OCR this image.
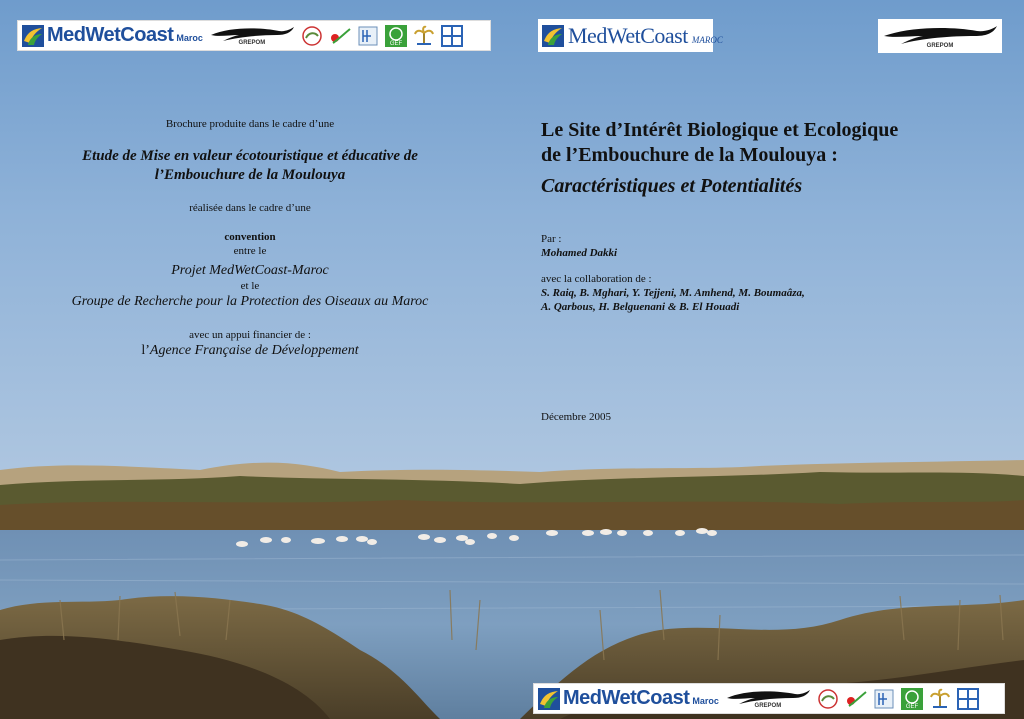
MedWetCoast Maroc	GREPOM	GEF	MedWetCoast MAROC
GREPOM

Brochure produite dans le cadre d’une

Etude de Mise en valeur écotouristique et éducative de

l’Embouchure de la Moulouya

réalisée dans le cadre d’une

convention

entre le

Projet MedWetCoast-Maroc

et le

Groupe de Recherche pour la Protection des Oiseaux au Maroc

avec un appui financier de :

l’Agence Française de Développement

Le Site d’Intérêt Biologique et Ecologique
de l’Embouchure de la Moulouya :
Caractéristiques et Potentialités

Par :

Mohamed Dakki

avec la collaboration de :

S. Raiq, B. Mghari, Y. Tejjeni, M. Amhend, M. Boumaâza,

A. Qarbous, H. Belguenani & B. El Houadi

Décembre 2005

MedWetCoast Maroc	GREPOM	GEF
